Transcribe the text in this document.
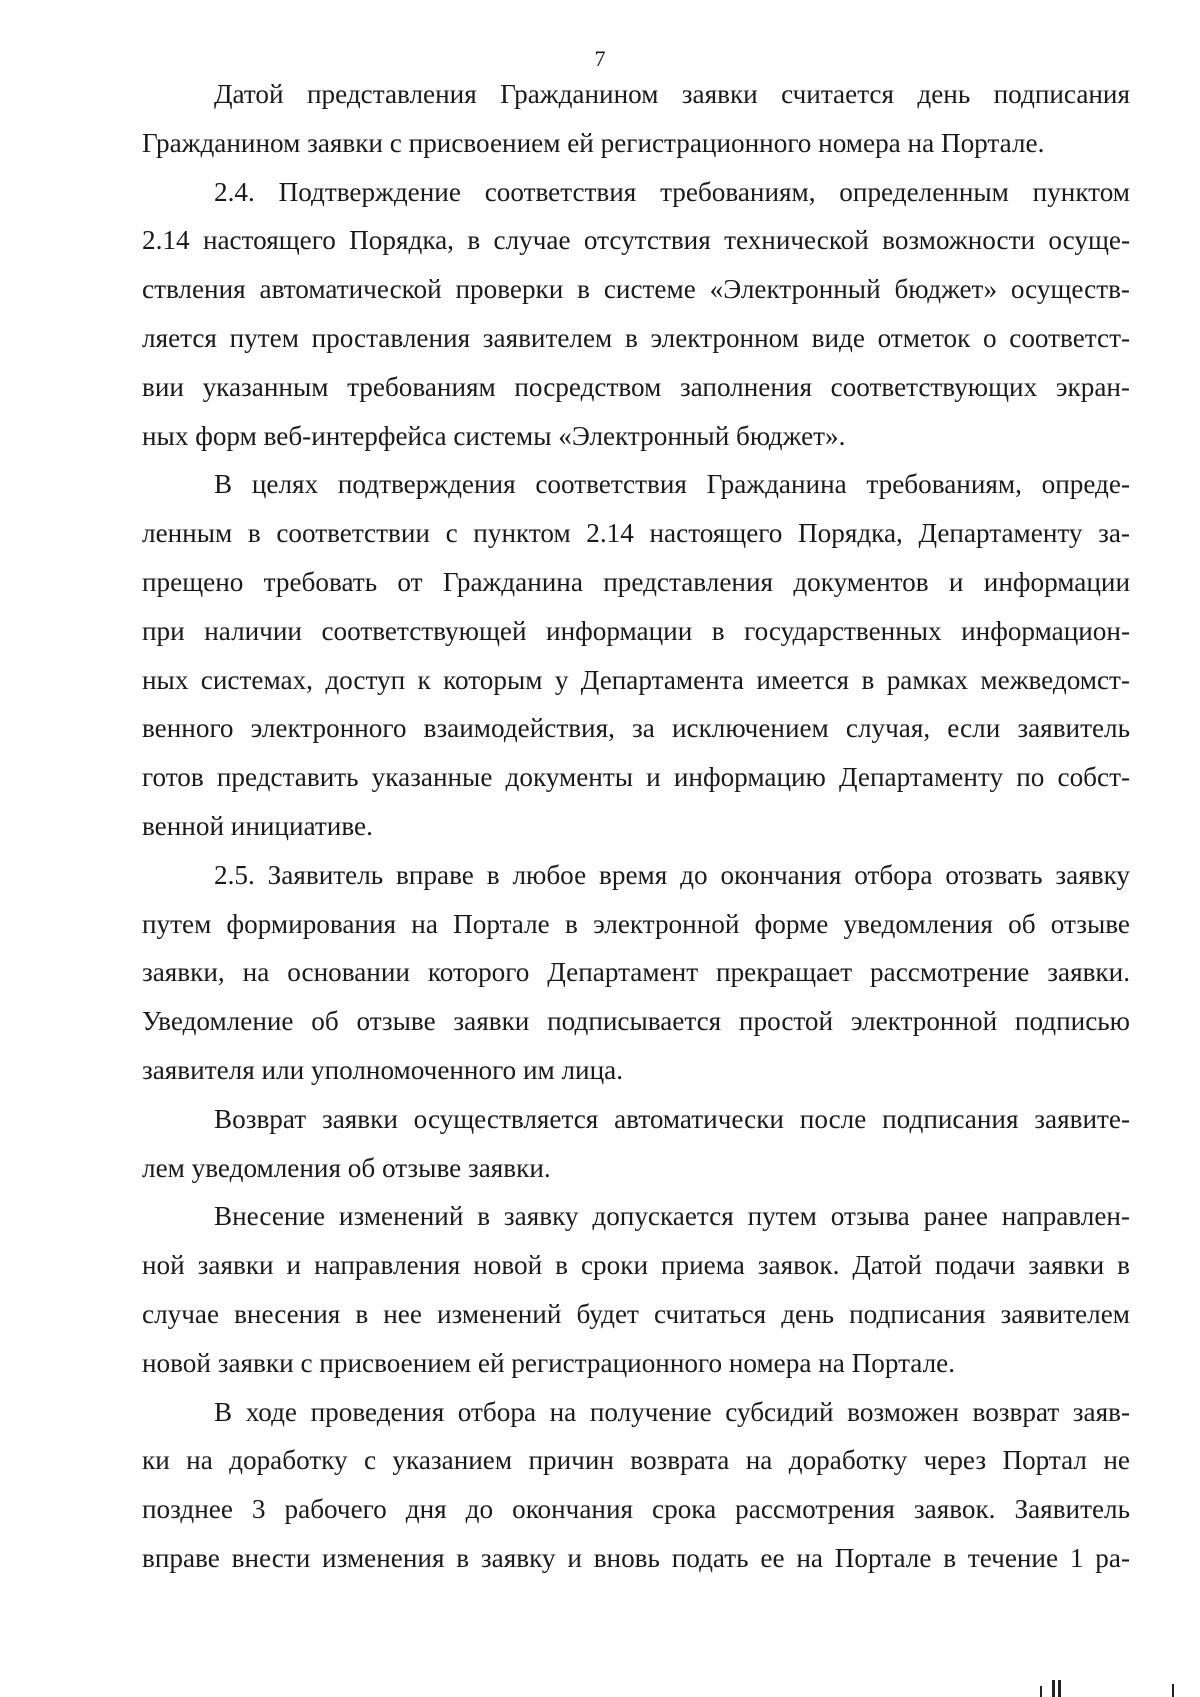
7
Датой представления Гражданином заявки считается день подписания
Гражданином заявки с присвоением ей регистрационного номера на Портале.
2.4. Подтверждение соответствия требованиям, определенным пунктом
2.14 настоящего Порядка, в случае отсутствия технической возможности осуще-
ствления автоматической проверки в системе «Электронный бюджет» осуществ-
ляется путем проставления заявителем в электронном виде отметок о соответст-
вии указанным требованиям посредством заполнения соответствующих экран-
ных форм веб-интерфейса системы «Электронный бюджет».
В целях подтверждения соответствия Гражданина требованиям, опреде-
ленным в соответствии с пунктом 2.14 настоящего Порядка, Департаменту за-
прещено требовать от Гражданина представления документов и информации
при наличии соответствующей информации в государственных информацион-
ных системах, доступ к которым у Департамента имеется в рамках межведомст-
венного электронного взаимодействия, за исключением случая, если заявитель
готов представить указанные документы и информацию Департаменту по собст-
венной инициативе.
2.5. Заявитель вправе в любое время до окончания отбора отозвать заявку
путем формирования на Портале в электронной форме уведомления об отзыве
заявки, на основании которого Департамент прекращает рассмотрение заявки.
Уведомление об отзыве заявки подписывается простой электронной подписью
заявителя или уполномоченного им лица.
Возврат заявки осуществляется автоматически после подписания заявите-
лем уведомления об отзыве заявки.
Внесение изменений в заявку допускается путем отзыва ранее направлен-
ной заявки и направления новой в сроки приема заявок. Датой подачи заявки в
случае внесения в нее изменений будет считаться день подписания заявителем
новой заявки с присвоением ей регистрационного номера на Портале.
В ходе проведения отбора на получение субсидий возможен возврат заяв-
ки на доработку с указанием причин возврата на доработку через Портал не
позднее 3 рабочего дня до окончания срока рассмотрения заявок. Заявитель
вправе внести изменения в заявку и вновь подать ее на Портале в течение 1 ра-
